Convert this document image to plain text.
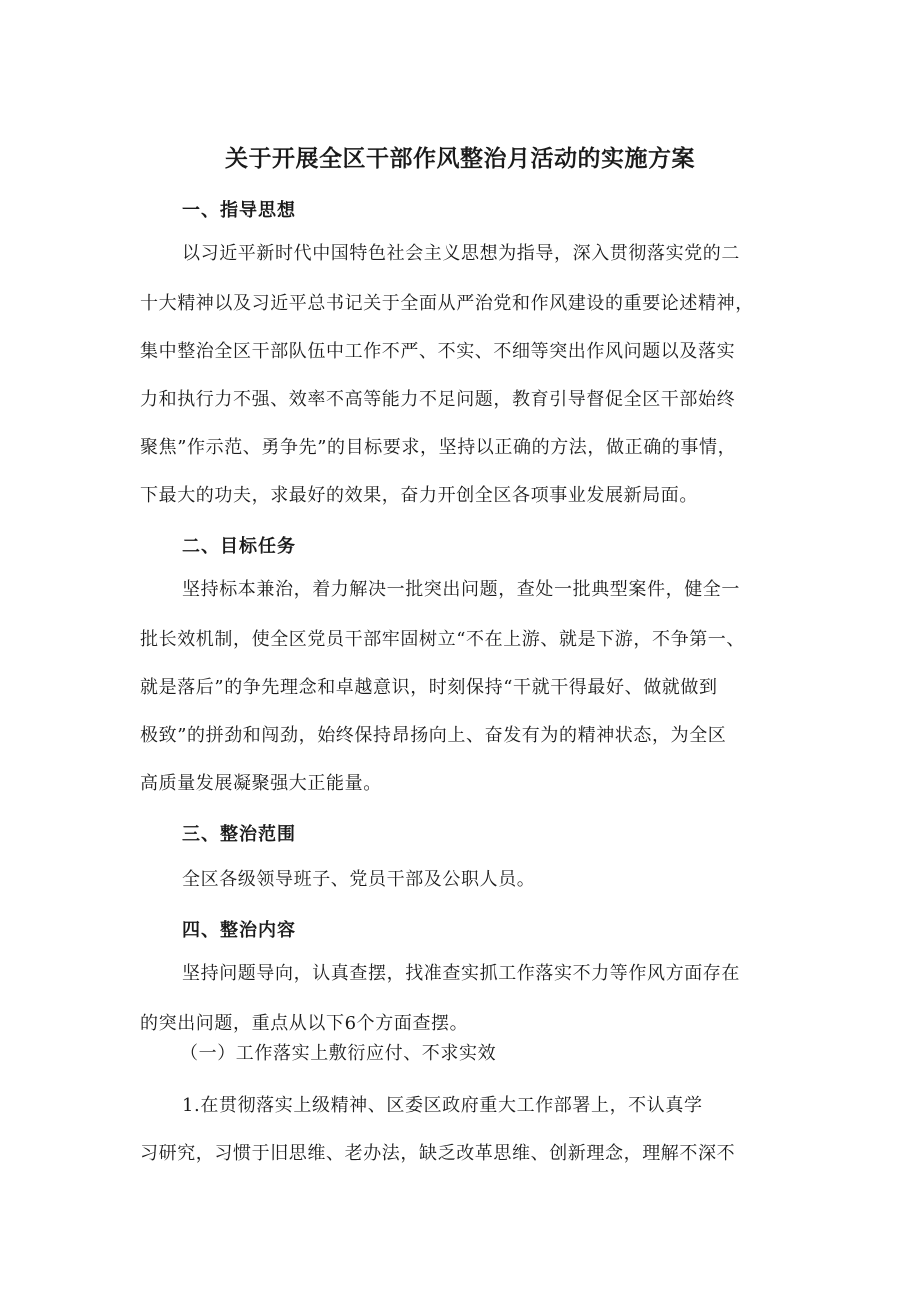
关于开展全区干部作风整治月活动的实施方案
一、指导思想
以习近平新时代中国特色社会主义思想为指导，深入贯彻落实党的二
十大精神以及习近平总书记关于全面从严治党和作风建设的重要论述精神，
集中整治全区干部队伍中工作不严、不实、不细等突出作风问题以及落实
力和执行力不强、效率不高等能力不足问题，教育引导督促全区干部始终
聚焦”作示范、勇争先”的目标要求，坚持以正确的方法，做正确的事情，
下最大的功夫，求最好的效果，奋力开创全区各项事业发展新局面。
二、目标任务
坚持标本兼治，着力解决一批突出问题，查处一批典型案件，健全一
批长效机制，使全区党员干部牢固树立“不在上游、就是下游，不争第一、
就是落后”的争先理念和卓越意识，时刻保持“干就干得最好、做就做到
极致”的拼劲和闯劲，始终保持昂扬向上、奋发有为的精神状态，为全区
高质量发展凝聚强大正能量。
三、整治范围
全区各级领导班子、党员干部及公职人员。
四、整治内容
坚持问题导向，认真查摆，找准查实抓工作落实不力等作风方面存在
的突出问题，重点从以下6个方面查摆。
（一）工作落实上敷衍应付、不求实效
1.在贯彻落实上级精神、区委区政府重大工作部署上，不认真学
习研究，习惯于旧思维、老办法，缺乏改革思维、创新理念，理解不深不
